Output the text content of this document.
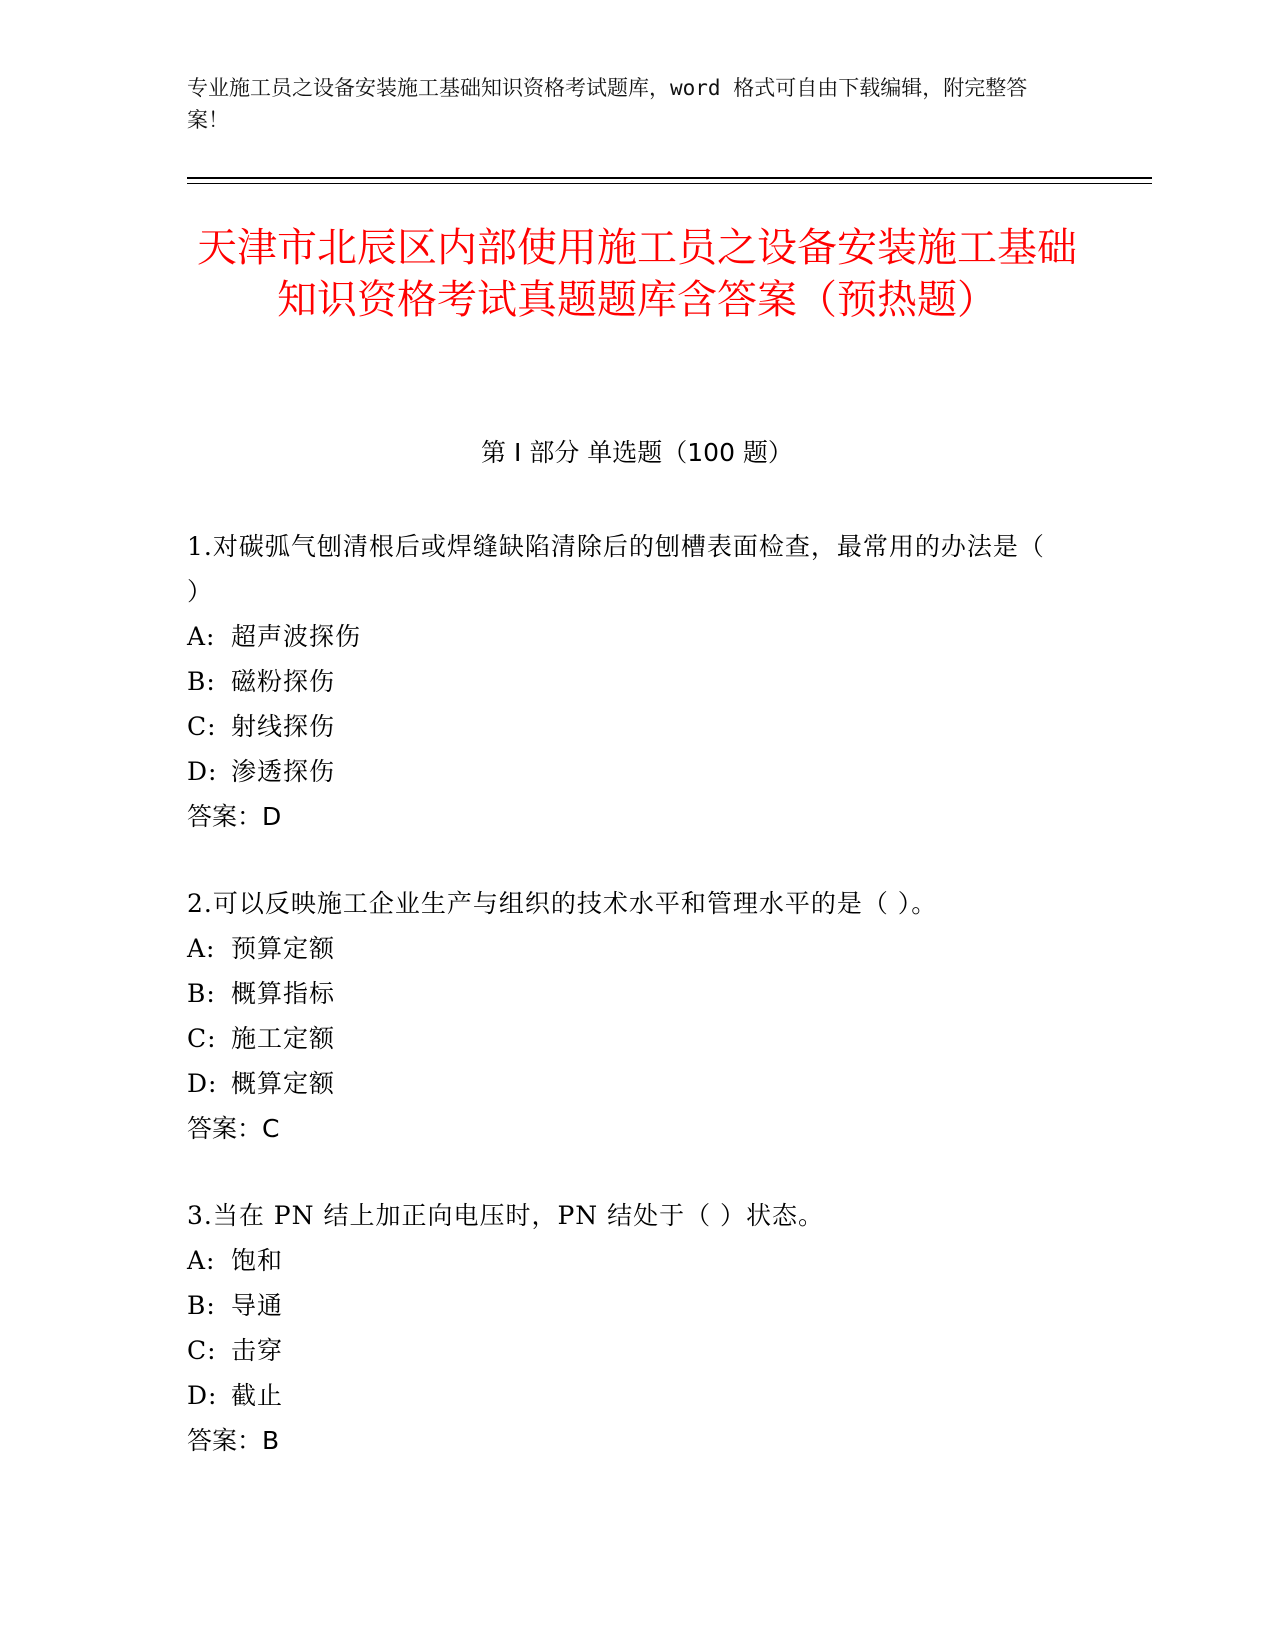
专业施工员之设备安装施工基础知识资格考试题库，word 格式可自由下载编辑，附完整答案！
天津市北辰区内部使用施工员之设备安装施工基础知识资格考试真题题库含答案（预热题）
第 I 部分 单选题（100 题）
1.对碳弧气刨清根后或焊缝缺陷清除后的刨槽表面检查，最常用的办法是（ ）
A: 超声波探伤
B: 磁粉探伤
C: 射线探伤
D: 渗透探伤
答案：D
2.可以反映施工企业生产与组织的技术水平和管理水平的是（ ）。
A: 预算定额
B: 概算指标
C: 施工定额
D: 概算定额
答案：C
3.当在 PN 结上加正向电压时，PN 结处于（ ）状态。
A: 饱和
B: 导通
C: 击穿
D: 截止
答案：B
